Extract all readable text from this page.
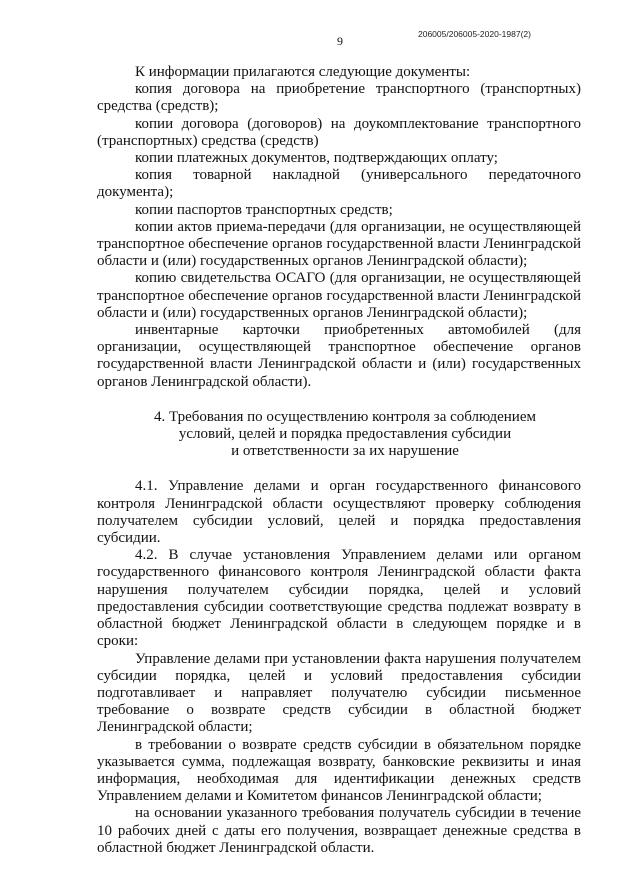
206005/206005-2020-1987(2)
9

К информации прилагаются следующие документы:

копия договора на приобретение транспортного (транспортных) средства (средств);

копии договора (договоров) на доукомплектование транспортного (транспортных) средства (средств)

копии платежных документов, подтверждающих оплату;

копия товарной накладной (универсального передаточного документа);

копии паспортов транспортных средств;

копии актов приема-передачи (для организации, не осуществляющей транспортное обеспечение органов государственной власти Ленинградской области и (или) государственных органов Ленинградской области);

копию свидетельства ОСАГО (для организации, не осуществляющей транспортное обеспечение органов государственной власти Ленинградской области и (или) государственных органов Ленинградской области);

инвентарные карточки приобретенных автомобилей (для организации, осуществляющей транспортное обеспечение органов государственной власти Ленинградской области и (или) государственных органов Ленинградской области).

4. Требования по осуществлению контроля за соблюдением
условий, целей и порядка предоставления субсидии
и ответственности за их нарушение

4.1. Управление делами и орган государственного финансового контроля Ленинградской области осуществляют проверку соблюдения получателем субсидии условий, целей и порядка предоставления субсидии.

4.2. В случае установления Управлением делами или органом государственного финансового контроля Ленинградской области факта нарушения получателем субсидии порядка, целей и условий предоставления субсидии соответствующие средства подлежат возврату в областной бюджет Ленинградской области в следующем порядке и в сроки:

Управление делами при установлении факта нарушения получателем субсидии порядка, целей и условий предоставления субсидии подготавливает и направляет получателю субсидии письменное требование о возврате средств субсидии в областной бюджет Ленинградской области;

в требовании о возврате средств субсидии в обязательном порядке указывается сумма, подлежащая возврату, банковские реквизиты и иная информация, необходимая для идентификации денежных средств Управлением делами и Комитетом финансов Ленинградской области;

на основании указанного требования получатель субсидии в течение 10 рабочих дней с даты его получения, возвращает денежные средства в областной бюджет Ленинградской области.
